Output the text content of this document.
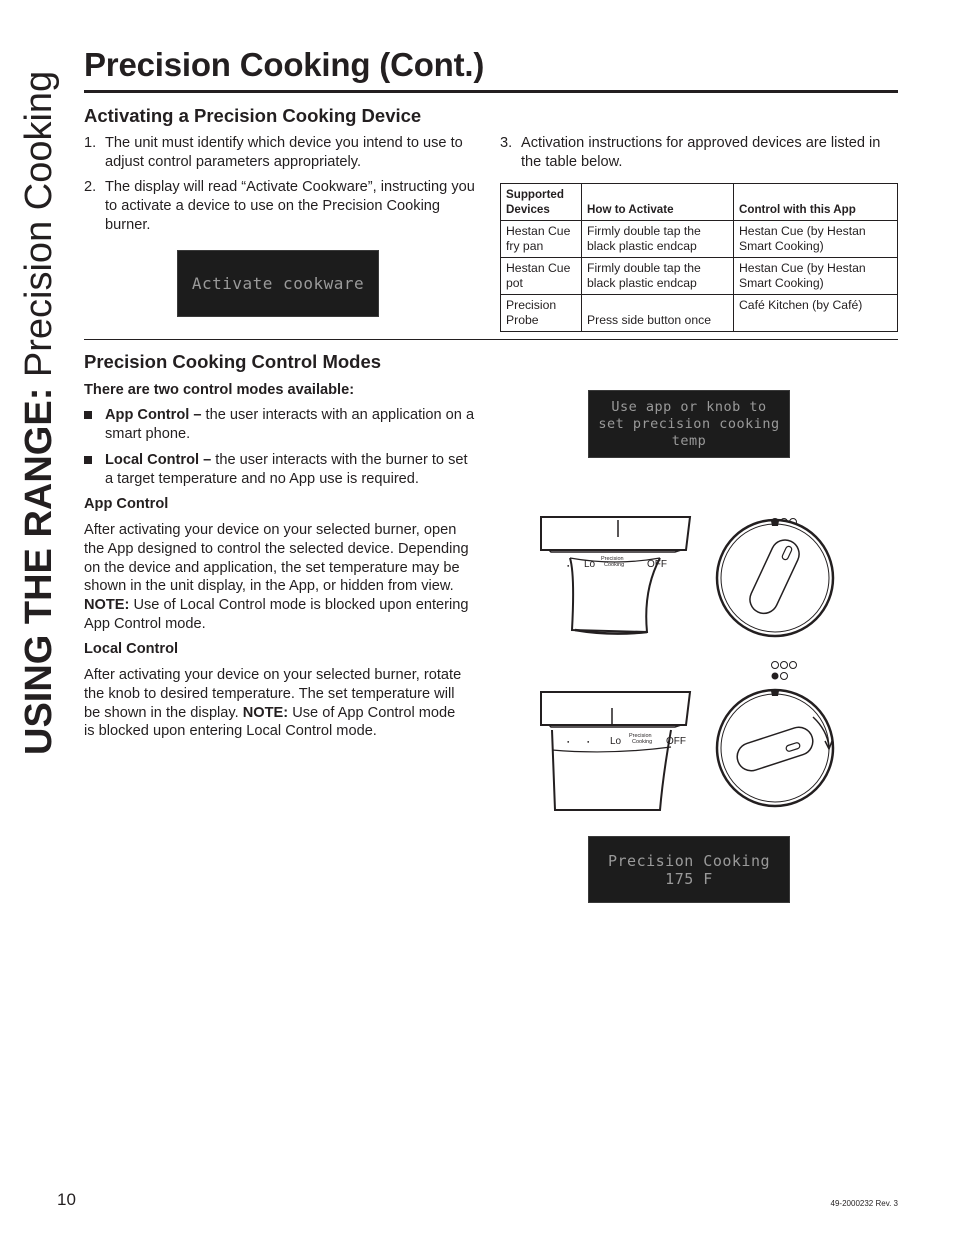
USING THE RANGE: Precision Cooking
Precision Cooking (Cont.)
Activating a Precision Cooking Device
1. The unit must identify which device you intend to use to adjust control parameters appropriately.
2. The display will read “Activate Cookware”, instructing you to activate a device to use on the Precision Cooking burner.
3. Activation instructions for approved devices are listed in the table below.
Activate cookware
Supported Devices	How to Activate	Control with this App
Hestan Cue fry pan	Firmly double tap the black plastic endcap	Hestan Cue (by Hestan Smart Cooking)
Hestan Cue pot	Firmly double tap the black plastic endcap	Hestan Cue (by Hestan Smart Cooking)
Precision Probe	Press side button once	Café Kitchen (by Café)
Precision Cooking Control Modes
There are two control modes available:
App Control – the user interacts with an application on a smart phone.
Local Control – the user interacts with the burner to set a target temperature and no App use is required.
App Control
After activating your device on your selected burner, open the App designed to control the selected device. Depending on the device and application, the set temperature may be shown in the unit display, in the App, or hidden from view. NOTE: Use of Local Control mode is blocked upon entering App Control mode.
Local Control
After activating your device on your selected burner, rotate the knob to desired temperature. The set temperature will be shown in the display. NOTE: Use of App Control mode is blocked upon entering Local Control mode.
Use app or knob to
set precision cooking
temp
● Lo Precision
Cooking OFF
●	● Lo Precision
Cooking OFF
Precision Cooking 175 F
10	49-2000232 Rev. 3
